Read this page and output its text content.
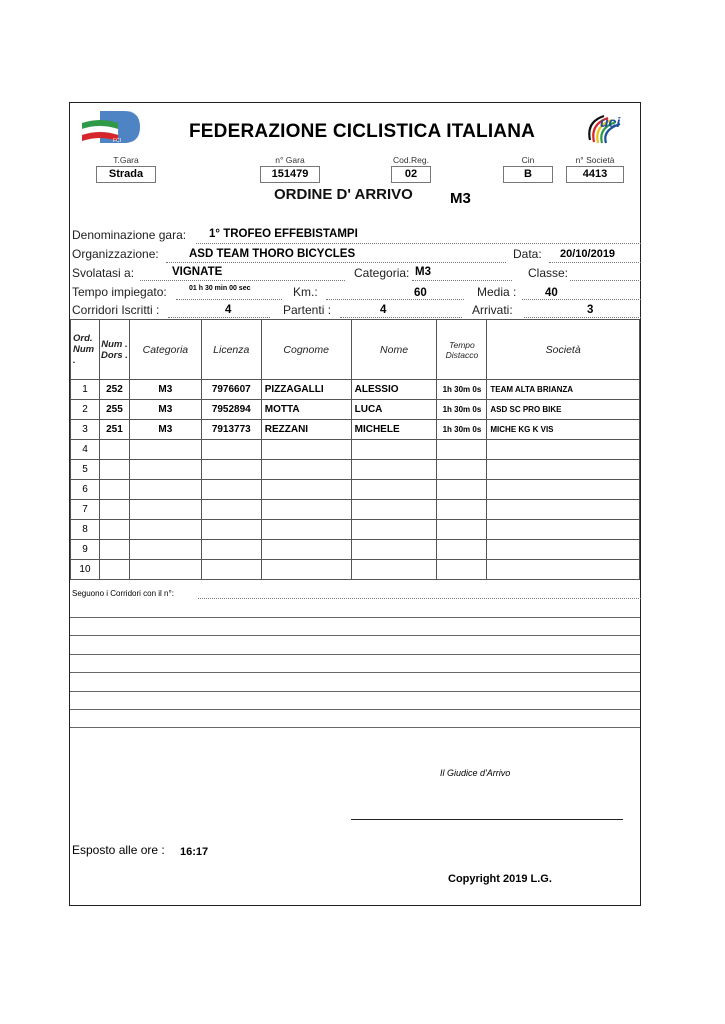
FCI	FEDERAZIONE CICLISTICA ITALIANA	uci
T.Gara
Strada
n° Gara
151479
Cod.Reg.
02
Cin
B
n° Società
4413
ORDINE D' ARRIVO M3
Denominazione gara: 1° TROFEO EFFEBISTAMPI
Organizzazione:	ASD TEAM THORO BICYCLES	Data: 20/10/2019
Svolatasi a:	VIGNATE	Categoria: M3	Classe:
Tempo impiegato:	01 h 30 min 00 sec	Km.:	60	Media : 40
Corridori Iscritti :	4	Partenti :	4	Arrivati:	3
Ord. Num .	Num . Dors .	Categoria	Licenza	Cognome	Nome	Tempo Distacco	Società
1	252	M3	7976607	PIZZAGALLI	ALESSIO	1h 30m 0s	TEAM ALTA BRIANZA
2	255	M3	7952894	MOTTA	LUCA	1h 30m 0s	ASD SC PRO BIKE
3	251	M3	7913773	REZZANI	MICHELE	1h 30m 0s	MICHE KG K VIS
4							
5							
6							
7							
8							
9							
10							
Seguono i Corridori con il n°:
Il Giudice d'Arrivo
Esposto alle ore : 16:17
Copyright 2019 L.G.
